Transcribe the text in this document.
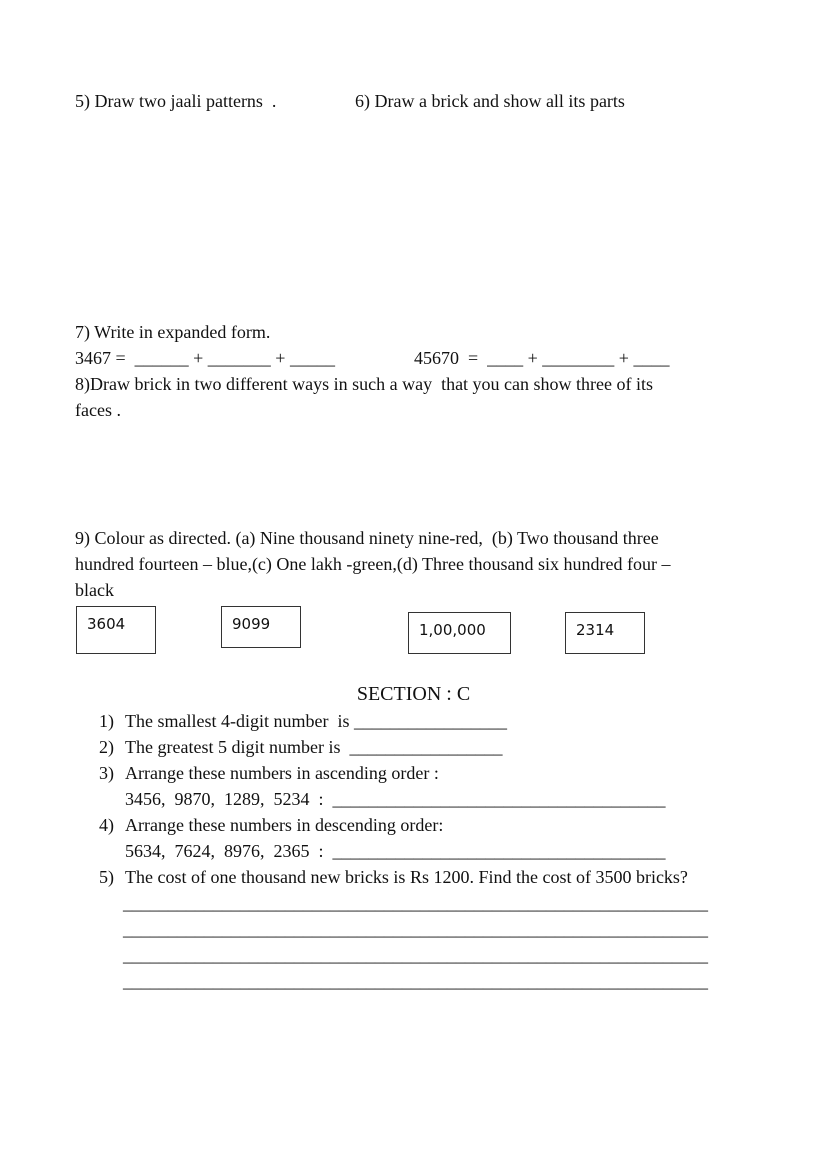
5) Draw two jaali patterns  .	6) Draw a brick and show all its parts
7) Write in expanded form.
3467 =  ______ + _______ + _____	45670  =  ____ + ________ + ____
8)Draw brick in two different ways in such a way  that you can show three of its
faces .
9) Colour as directed. (a) Nine thousand ninety nine-red,  (b) Two thousand three
hundred fourteen – blue,(c) One lakh -green,(d) Three thousand six hundred four –
black
3604	9099	1,00,000	2314
SECTION : C
1) The smallest 4-digit number  is _________________
2) The greatest 5 digit number is  _________________
3) Arrange these numbers in ascending order :
3456,  9870,  1289,  5234  :  _____________________________________
4) Arrange these numbers in descending order:
5634,  7624,  8976,  2365  :  _____________________________________
5) The cost of one thousand new bricks is Rs 1200. Find the cost of 3500 bricks?
_________________________________________________________________
_________________________________________________________________
_________________________________________________________________
_________________________________________________________________
